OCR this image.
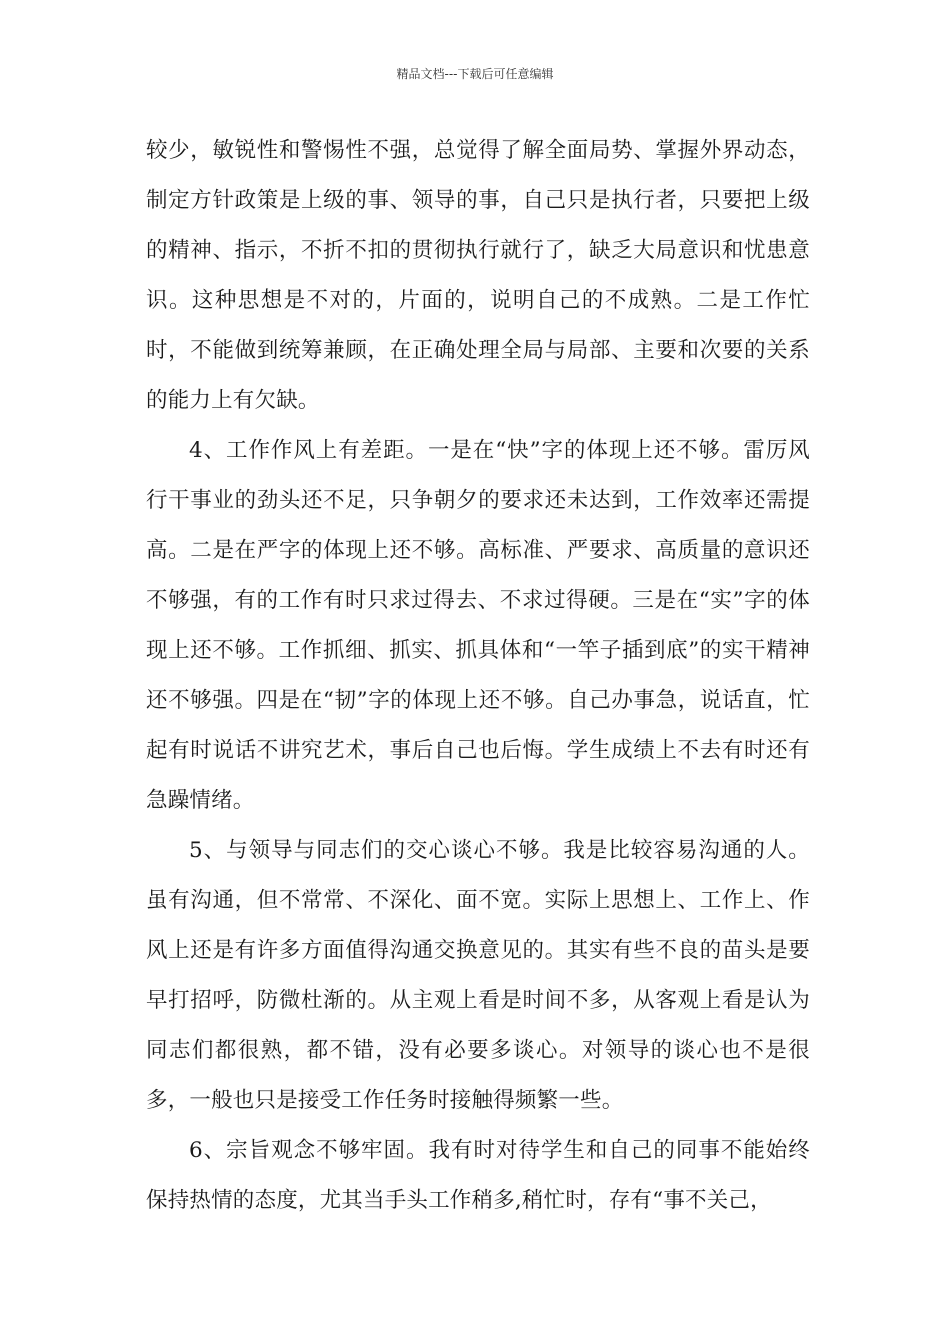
精品文档---下载后可任意编辑

较少，敏锐性和警惕性不强，总觉得了解全面局势、掌握外界动态，制定方针政策是上级的事、领导的事，自己只是执行者，只要把上级的精神、指示，不折不扣的贯彻执行就行了，缺乏大局意识和忧患意识。这种思想是不对的，片面的，说明自己的不成熟。二是工作忙时，不能做到统筹兼顾，在正确处理全局与局部、主要和次要的关系的能力上有欠缺。

4、工作作风上有差距。一是在“快”字的体现上还不够。雷厉风行干事业的劲头还不足，只争朝夕的要求还未达到，工作效率还需提高。二是在严字的体现上还不够。高标准、严要求、高质量的意识还不够强，有的工作有时只求过得去、不求过得硬。三是在“实”字的体现上还不够。工作抓细、抓实、抓具体和“一竿子插到底”的实干精神还不够强。四是在“韧”字的体现上还不够。自己办事急，说话直，忙起有时说话不讲究艺术，事后自己也后悔。学生成绩上不去有时还有急躁情绪。

5、与领导与同志们的交心谈心不够。我是比较容易沟通的人。虽有沟通，但不常常、不深化、面不宽。实际上思想上、工作上、作风上还是有许多方面值得沟通交换意见的。其实有些不良的苗头是要早打招呼，防微杜渐的。从主观上看是时间不多，从客观上看是认为同志们都很熟，都不错，没有必要多谈心。对领导的谈心也不是很多，一般也只是接受工作任务时接触得频繁一些。

6、宗旨观念不够牢固。我有时对待学生和自己的同事不能始终保持热情的态度，尤其当手头工作稍多,稍忙时，存有“事不关己，
